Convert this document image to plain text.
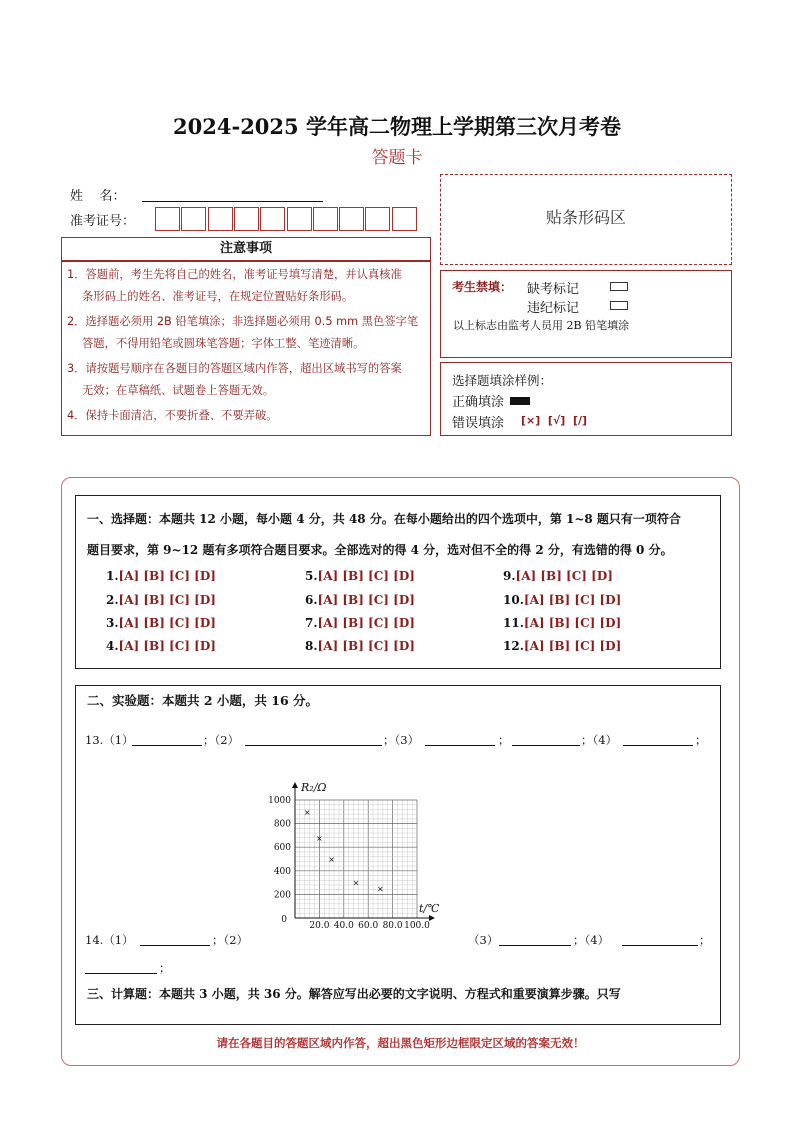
2024-2025 学年高二物理上学期第三次月考卷
答题卡
姓    名：
准考证号：
注意事项
1．答题前，考生先将自己的姓名，准考证号填写清楚，并认真核准
条形码上的姓名、准考证号，在规定位置贴好条形码。
2．选择题必须用 2B 铅笔填涂；非选择题必须用 0.5 mm 黑色签字笔
答题，不得用铅笔或圆珠笔答题；字体工整、笔迹清晰。
3．请按题号顺序在各题目的答题区域内作答，超出区域书写的答案
无效；在草稿纸、试题卷上答题无效。
4．保持卡面清洁，不要折叠、不要弄破。
贴条形码区
考生禁填： 缺考标记
违纪标记
以上标志由监考人员用 2B 铅笔填涂
选择题填涂样例：
正确填涂
错误填涂 [×]  [√]  [/]
一、选择题：本题共 12 小题，每小题 4 分，共 48 分。在每小题给出的四个选项中，第 1~8 题只有一项符合
题目要求，第 9~12 题有多项符合题目要求。全部选对的得 4 分，选对但不全的得 2 分，有选错的得 0 分。
1.[A] [B] [C] [D]
2.[A] [B] [C] [D]
3.[A] [B] [C] [D]
4.[A] [B] [C] [D]
5.[A] [B] [C] [D]
6.[A] [B] [C] [D]
7.[A] [B] [C] [D]
8.[A] [B] [C] [D]
9.[A] [B] [C] [D]
10.[A] [B] [C] [D]
11.[A] [B] [C] [D]
12.[A] [B] [C] [D]
二、实验题：本题共 2 小题，共 16 分。
13.（1）	；（2）	；（3）	；	；（4）	；
R₂/Ω
t/℃
0
20.0 40.0 60.0 80.0 100.0
200
400
600
800
1000
×
×
×
×
×
14.（1）	；（2）	（3）	；（4）	；
；
三、计算题：本题共 3 小题，共 36 分。解答应写出必要的文字说明、方程式和重要演算步骤。只写
请在各题目的答题区域内作答，超出黑色矩形边框限定区域的答案无效！
